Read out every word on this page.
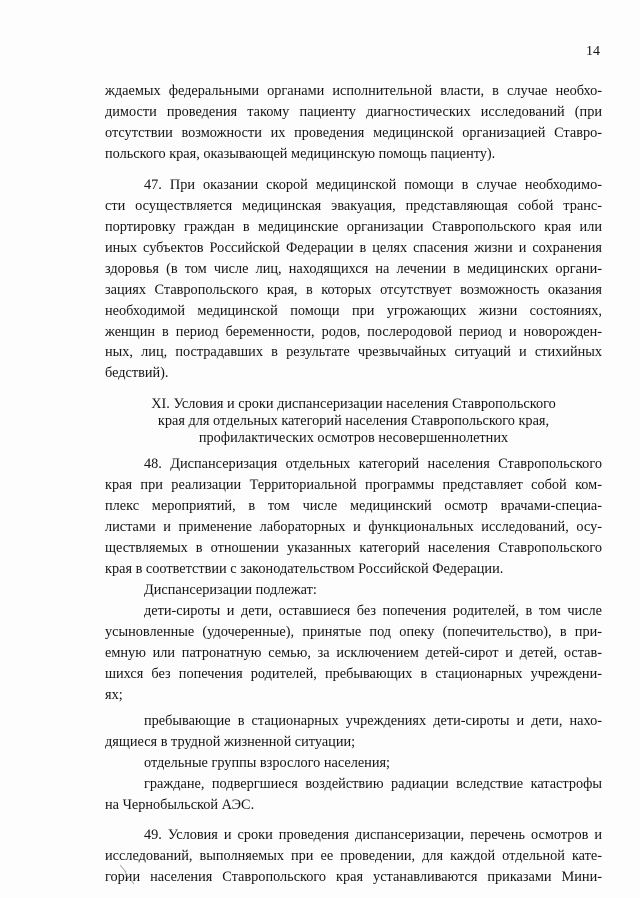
14
ждаемых федеральными органами исполнительной власти, в случае необхо-
димости проведения такому пациенту диагностических исследований (при
отсутствии возможности их проведения медицинской организацией Ставро-
польского края, оказывающей медицинскую помощь пациенту).
47. При оказании скорой медицинской помощи в случае необходимо-
сти осуществляется медицинская эвакуация, представляющая собой транс-
портировку граждан в медицинские организации Ставропольского края или
иных субъектов Российской Федерации в целях спасения жизни и сохранения
здоровья (в том числе лиц, находящихся на лечении в медицинских органи-
зациях Ставропольского края, в которых отсутствует возможность оказания
необходимой медицинской помощи при угрожающих жизни состояниях,
женщин в период беременности, родов, послеродовой период и новорожден-
ных, лиц, пострадавших в результате чрезвычайных ситуаций и стихийных
бедствий).
XI. Условия и сроки диспансеризации населения Ставропольского
края для отдельных категорий населения Ставропольского края,
профилактических осмотров несовершеннолетних
48. Диспансеризация отдельных категорий населения Ставропольского
края при реализации Территориальной программы представляет собой ком-
плекс мероприятий, в том числе медицинский осмотр врачами-специа-
листами и применение лабораторных и функциональных исследований, осу-
ществляемых в отношении указанных категорий населения Ставропольского
края в соответствии с законодательством Российской Федерации.
Диспансеризации подлежат:
дети-сироты и дети, оставшиеся без попечения родителей, в том числе
усыновленные (удочеренные), принятые под опеку (попечительство), в при-
емную или патронатную семью, за исключением детей-сирот и детей, остав-
шихся без попечения родителей, пребывающих в стационарных учреждени-
ях;
пребывающие в стационарных учреждениях дети-сироты и дети, нахо-
дящиеся в трудной жизненной ситуации;
отдельные группы взрослого населения;
граждане, подвергшиеся воздействию радиации вследствие катастрофы
на Чернобыльской АЭС.
49. Условия и сроки проведения диспансеризации, перечень осмотров и
исследований, выполняемых при ее проведении, для каждой отдельной кате-
гории населения Ставропольского края устанавливаются приказами Мини-
